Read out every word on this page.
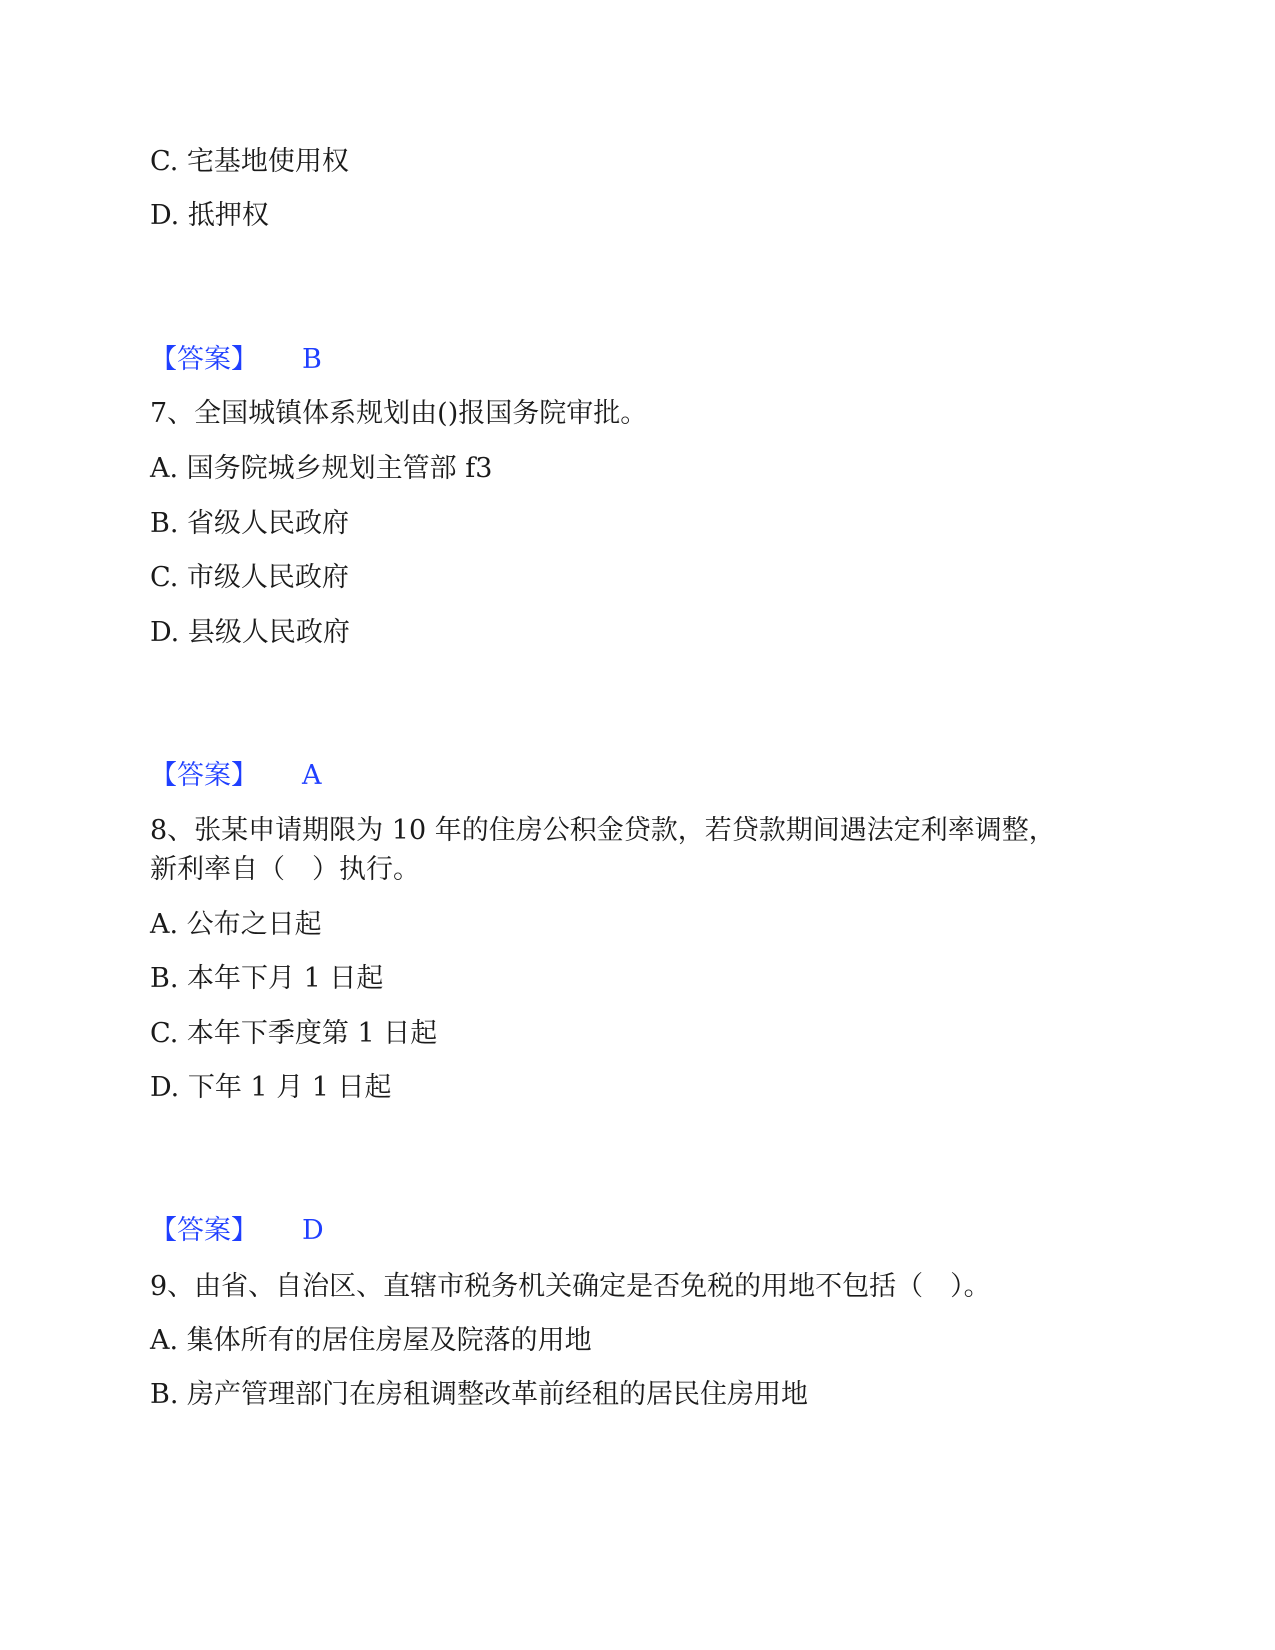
C. 宅基地使用权
D. 抵押权
【答案】 B
7、全国城镇体系规划由()报国务院审批。
A. 国务院城乡规划主管部 f3
B. 省级人民政府
C. 市级人民政府
D. 县级人民政府
【答案】 A
8、张某申请期限为 10 年的住房公积金贷款，若贷款期间遇法定利率调整，
新利率自（　）执行。
A. 公布之日起
B. 本年下月 1 日起
C. 本年下季度第 1 日起
D. 下年 1 月 1 日起
【答案】 D
9、由省、自治区、直辖市税务机关确定是否免税的用地不包括（　）。
A. 集体所有的居住房屋及院落的用地
B. 房产管理部门在房租调整改革前经租的居民住房用地
